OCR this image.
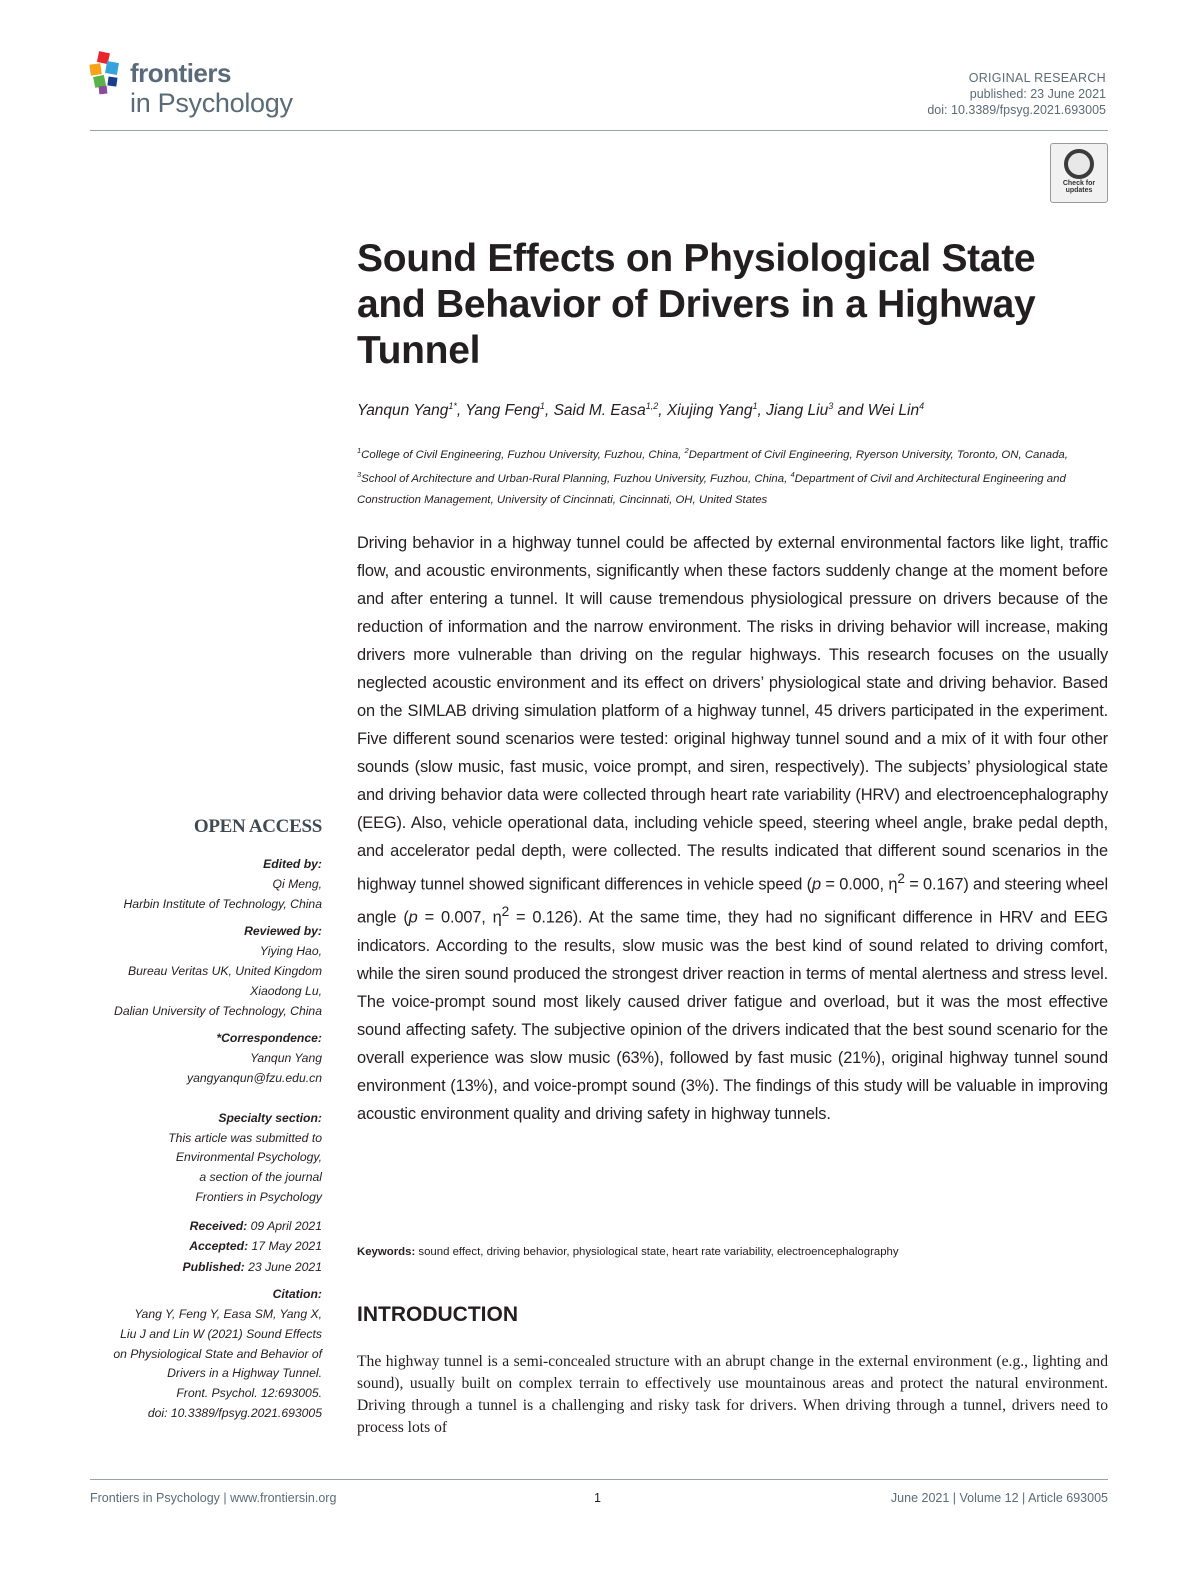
frontiers
in Psychology
ORIGINAL RESEARCH
published: 23 June 2021
doi: 10.3389/fpsyg.2021.693005
Check for
updates
Sound Effects on Physiological State
and Behavior of Drivers in a Highway
Tunnel
Yanqun Yang$^{1*}$, Yang Feng$^1$, Said M. Easa$^{1,2}$, Xiujing Yang$^1$, Jiang Liu$^3$ and Wei Lin$^4$
$^1$College of Civil Engineering, Fuzhou University, Fuzhou, China, $^2$Department of Civil Engineering, Ryerson University, Toronto, ON, Canada, $^3$School of Architecture and Urban-Rural Planning, Fuzhou University, Fuzhou, China, $^4$Department of Civil and Architectural Engineering and Construction Management, University of Cincinnati, Cincinnati, OH, United States
Driving behavior in a highway tunnel could be affected by external environmental factors like light, traffic flow, and acoustic environments, significantly when these factors suddenly change at the moment before and after entering a tunnel. It will cause tremendous physiological pressure on drivers because of the reduction of information and the narrow environment. The risks in driving behavior will increase, making drivers more vulnerable than driving on the regular highways. This research focuses on the usually neglected acoustic environment and its effect on drivers’ physiological state and driving behavior. Based on the SIMLAB driving simulation platform of a highway tunnel, 45 drivers participated in the experiment. Five different sound scenarios were tested: original highway tunnel sound and a mix of it with four other sounds (slow music, fast music, voice prompt, and siren, respectively). The subjects’ physiological state and driving behavior data were collected through heart rate variability (HRV) and electroencephalography (EEG). Also, vehicle operational data, including vehicle speed, steering wheel angle, brake pedal depth, and accelerator pedal depth, were collected. The results indicated that different sound scenarios in the highway tunnel showed significant differences in vehicle speed (p = 0.000, $\eta^2 = 0.167$) and steering wheel angle (p = 0.007, $\eta^2 = 0.126$). At the same time, they had no significant difference in HRV and EEG indicators. According to the results, slow music was the best kind of sound related to driving comfort, while the siren sound produced the strongest driver reaction in terms of mental alertness and stress level. The voice-prompt sound most likely caused driver fatigue and overload, but it was the most effective sound affecting safety. The subjective opinion of the drivers indicated that the best sound scenario for the overall experience was slow music (63%), followed by fast music (21%), original highway tunnel sound environment (13%), and voice-prompt sound (3%). The findings of this study will be valuable in improving acoustic environment quality and driving safety in highway tunnels.
Keywords: sound effect, driving behavior, physiological state, heart rate variability, electroencephalography
INTRODUCTION
The highway tunnel is a semi-concealed structure with an abrupt change in the external environment (e.g., lighting and sound), usually built on complex terrain to effectively use mountainous areas and protect the natural environment. Driving through a tunnel is a challenging and risky task for drivers. When driving through a tunnel, drivers need to process lots of
OPEN ACCESS
Edited by:
Qi Meng,
Harbin Institute of Technology, China
Reviewed by:
Yiying Hao,
Bureau Veritas UK, United Kingdom
Xiaodong Lu,
Dalian University of Technology, China
*Correspondence:
Yanqun Yang
yangyanqun@fzu.edu.cn
Specialty section:
This article was submitted to
Environmental Psychology,
a section of the journal
Frontiers in Psychology
Received: 09 April 2021
Accepted: 17 May 2021
Published: 23 June 2021
Citation:
Yang Y, Feng Y, Easa SM, Yang X,
Liu J and Lin W (2021) Sound Effects
on Physiological State and Behavior of
Drivers in a Highway Tunnel.
Front. Psychol. 12:693005.
doi: 10.3389/fpsyg.2021.693005
Frontiers in Psychology | www.frontiersin.org	1	June 2021 | Volume 12 | Article 693005
